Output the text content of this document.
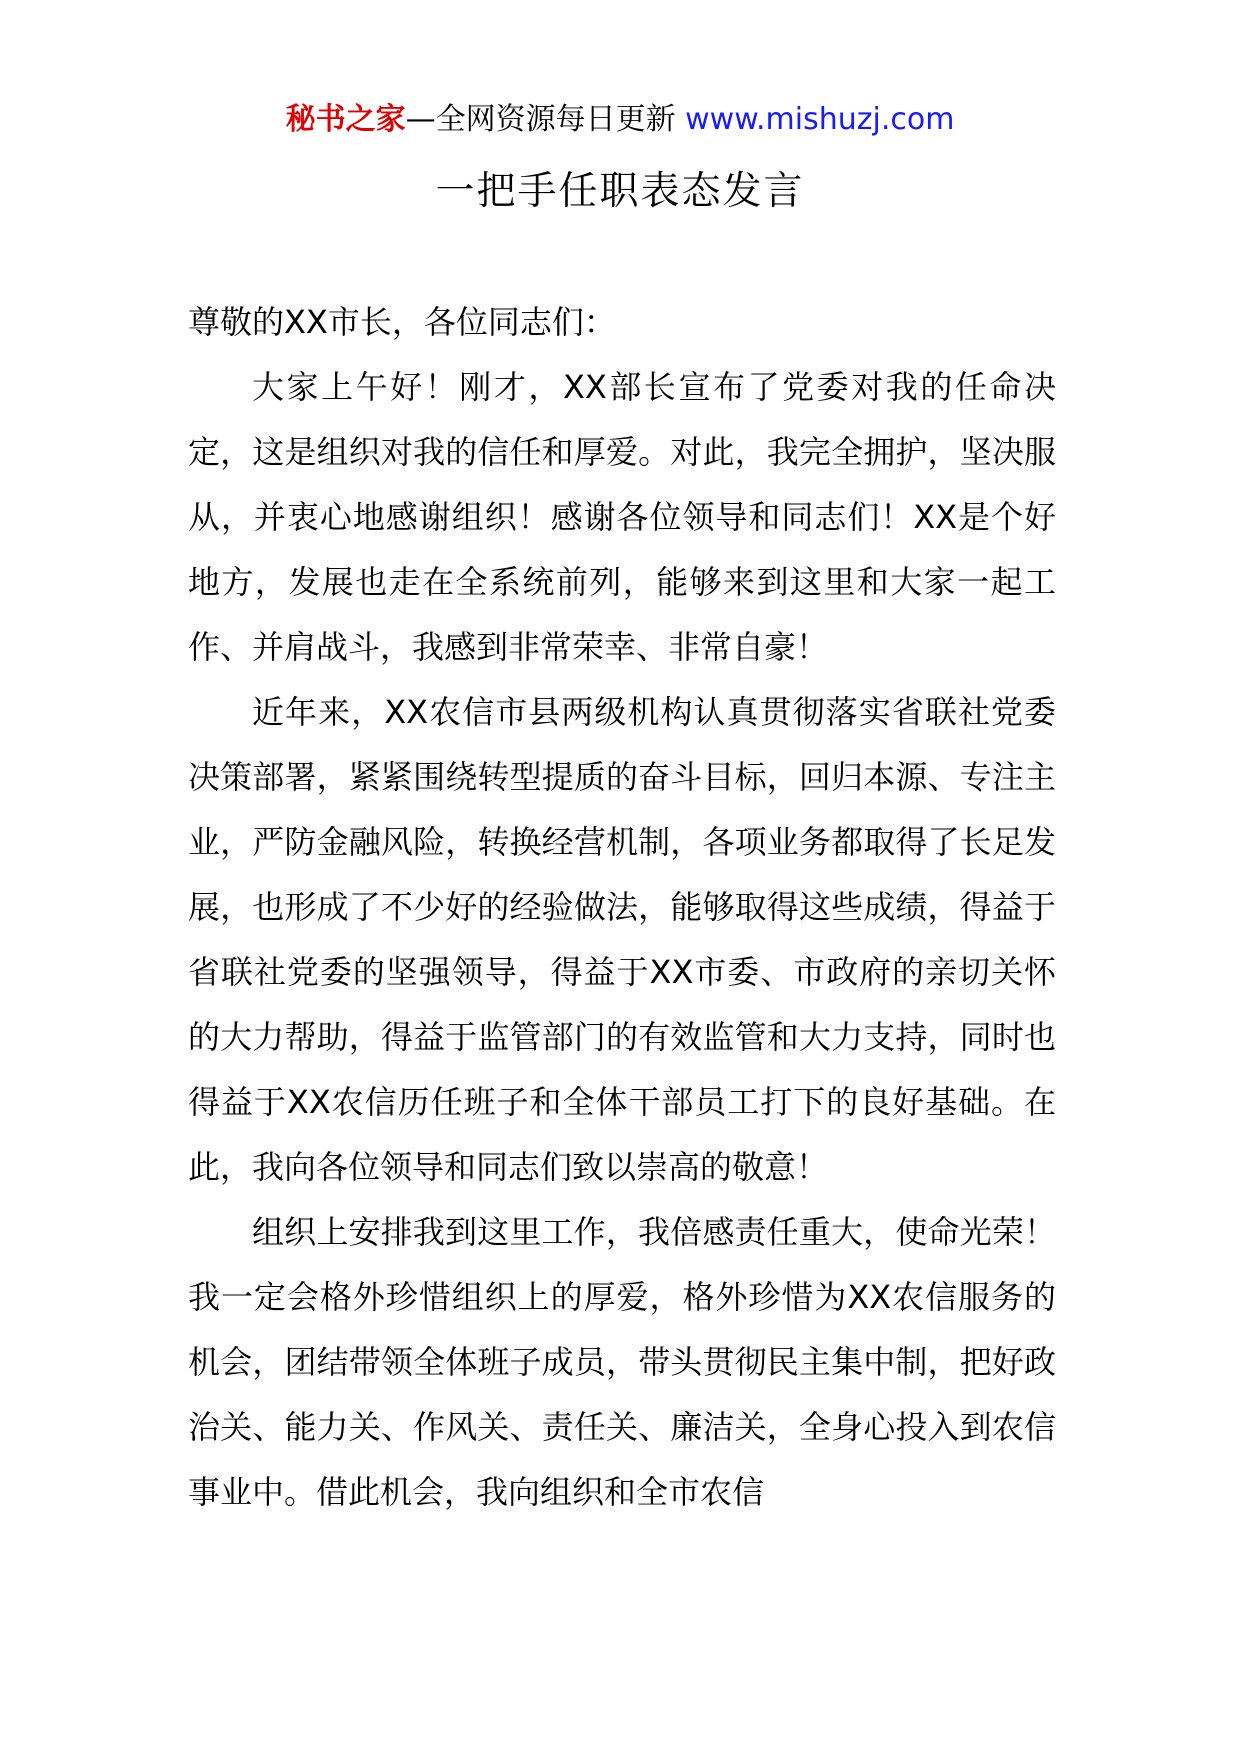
秘书之家—全网资源每日更新 www.mishuzj.com
一把手任职表态发言

尊敬的XX市长，各位同志们：

大家上午好！刚才，XX部长宣布了党委对我的任命决定，这是组织对我的信任和厚爱。对此，我完全拥护，坚决服从，并衷心地感谢组织！感谢各位领导和同志们！XX是个好地方，发展也走在全系统前列，能够来到这里和大家一起工作、并肩战斗，我感到非常荣幸、非常自豪！

近年来，XX农信市县两级机构认真贯彻落实省联社党委决策部署，紧紧围绕转型提质的奋斗目标，回归本源、专注主业，严防金融风险，转换经营机制，各项业务都取得了长足发展，也形成了不少好的经验做法，能够取得这些成绩，得益于省联社党委的坚强领导，得益于XX市委、市政府的亲切关怀的大力帮助，得益于监管部门的有效监管和大力支持，同时也得益于XX农信历任班子和全体干部员工打下的良好基础。在此，我向各位领导和同志们致以崇高的敬意！

组织上安排我到这里工作，我倍感责任重大，使命光荣！我一定会格外珍惜组织上的厚爱，格外珍惜为XX农信服务的机会，团结带领全体班子成员，带头贯彻民主集中制，把好政治关、能力关、作风关、责任关、廉洁关，全身心投入到农信事业中。借此机会，我向组织和全市农信
